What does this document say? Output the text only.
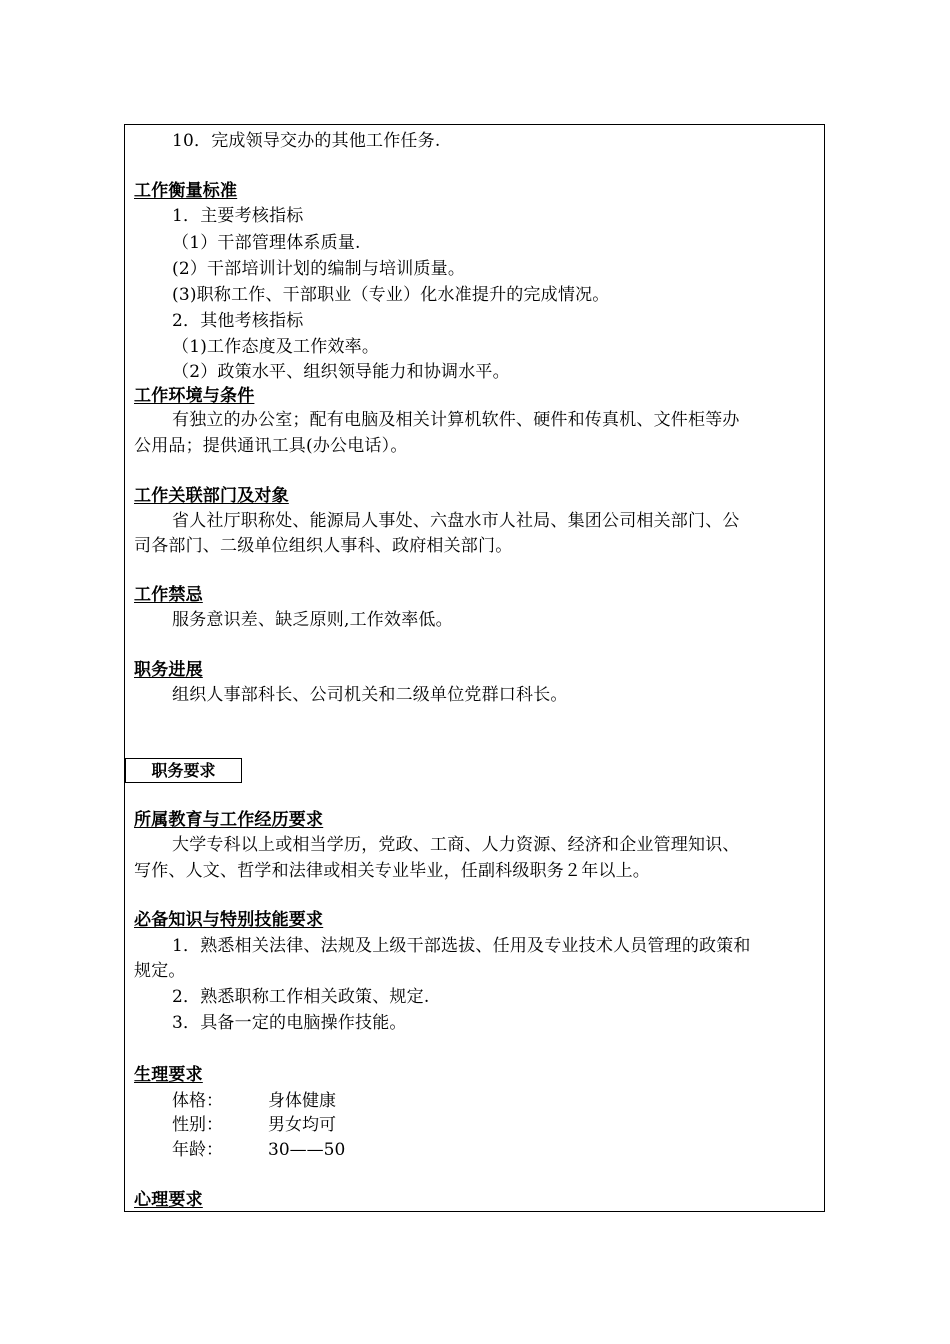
10．完成领导交办的其他工作任务.
工作衡量标准
1．主要考核指标
（1）干部管理体系质量.
(2）干部培训计划的编制与培训质量。
(3)职称工作、干部职业（专业）化水准提升的完成情况。
2．其他考核指标
（1)工作态度及工作效率。
（2）政策水平、组织领导能力和协调水平。
工作环境与条件
有独立的办公室；配有电脑及相关计算机软件、硬件和传真机、文件柜等办
公用品；提供通讯工具(办公电话）。
工作关联部门及对象
省人社厅职称处、能源局人事处、六盘水市人社局、集团公司相关部门、公
司各部门、二级单位组织人事科、政府相关部门。
工作禁忌
服务意识差、缺乏原则,工作效率低。
职务进展
组织人事部科长、公司机关和二级单位党群口科长。
职务要求
所属教育与工作经历要求
大学专科以上或相当学历，党政、工商、人力资源、经济和企业管理知识、
写作、人文、哲学和法律或相关专业毕业，任副科级职务２年以上。
必备知识与特别技能要求
1．熟悉相关法律、法规及上级干部选拔、任用及专业技术人员管理的政策和
规定。
2．熟悉职称工作相关政策、规定.
3．具备一定的电脑操作技能。
生理要求
体格：	身体健康
性别：	男女均可
年龄：	30——50
心理要求
